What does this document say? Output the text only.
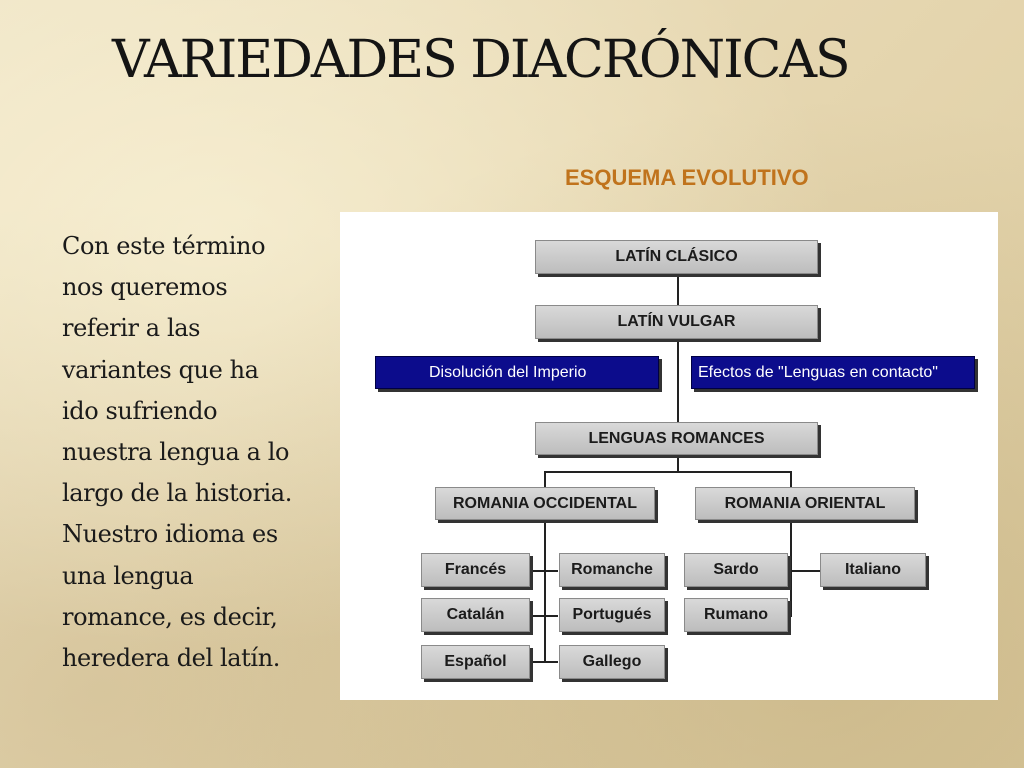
VARIEDADES DIACRÓNICAS
ESQUEMA EVOLUTIVO

Con este término
nos queremos
referir a las
variantes que ha
ido sufriendo
nuestra lengua a lo
largo de la historia.
Nuestro idioma es
una lengua
romance, es decir,
heredera del latín.

LATÍN CLÁSICO
LATÍN VULGAR
Disolución del Imperio	Efectos de "Lenguas en contacto"
LENGUAS ROMANCES
ROMANIA OCCIDENTAL	ROMANIA ORIENTAL
Francés
Catalán
Español
Romanche
Portugués
Gallego
Sardo
Rumano
Italiano
